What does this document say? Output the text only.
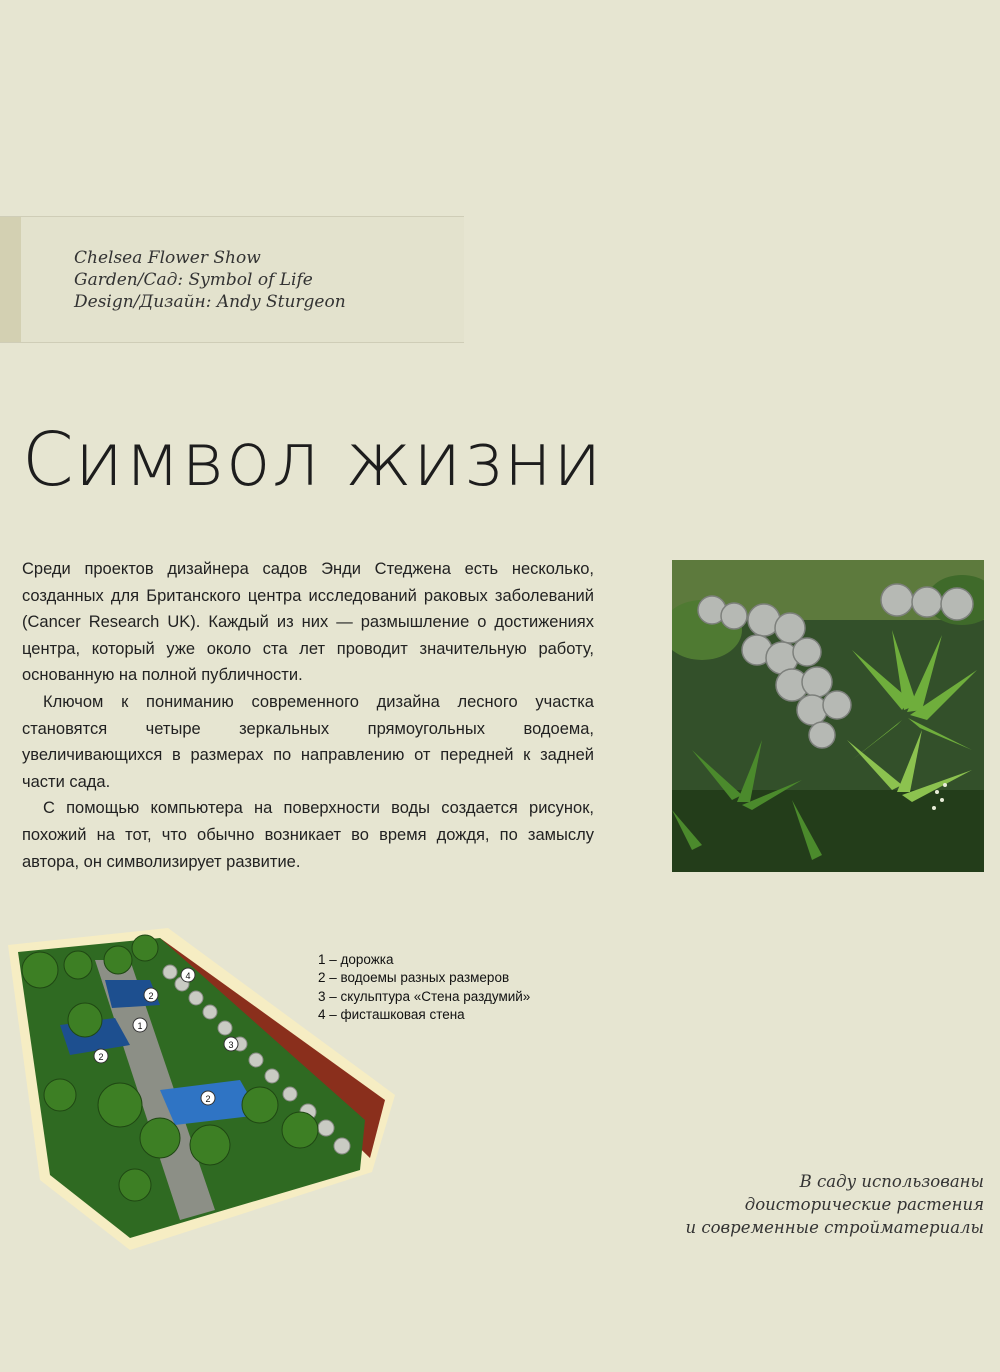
Chelsea Flower Show
Garden/Сад: Symbol of Life
Design/Дизайн: Andy Sturgeon
Символ жизни

Среди проектов дизайнера садов Энди Стеджена есть несколько, созданных для Британского центра исследований раковых заболеваний (Cancer Research UK). Каждый из них — размышление о достижениях центра, который уже около ста лет проводит значительную работу, основанную на полной публичности.

Ключом к пониманию современного дизайна лесного участка становятся четыре зеркальных прямоугольных водоема, увеличивающихся в размерах по направлению от передней к задней части сада.

С помощью компьютера на поверхности воды создается рисунок, похожий на тот, что обычно возникает во время дождя, по замыслу автора, он символизирует развитие.

4
2
1
2
3
2
1 – дорожка
2 – водоемы разных размеров
3 – скульптура «Стена раздумий»
4 – фисташковая стена
В саду использованы
доисторические растения
и современные стройматериалы
